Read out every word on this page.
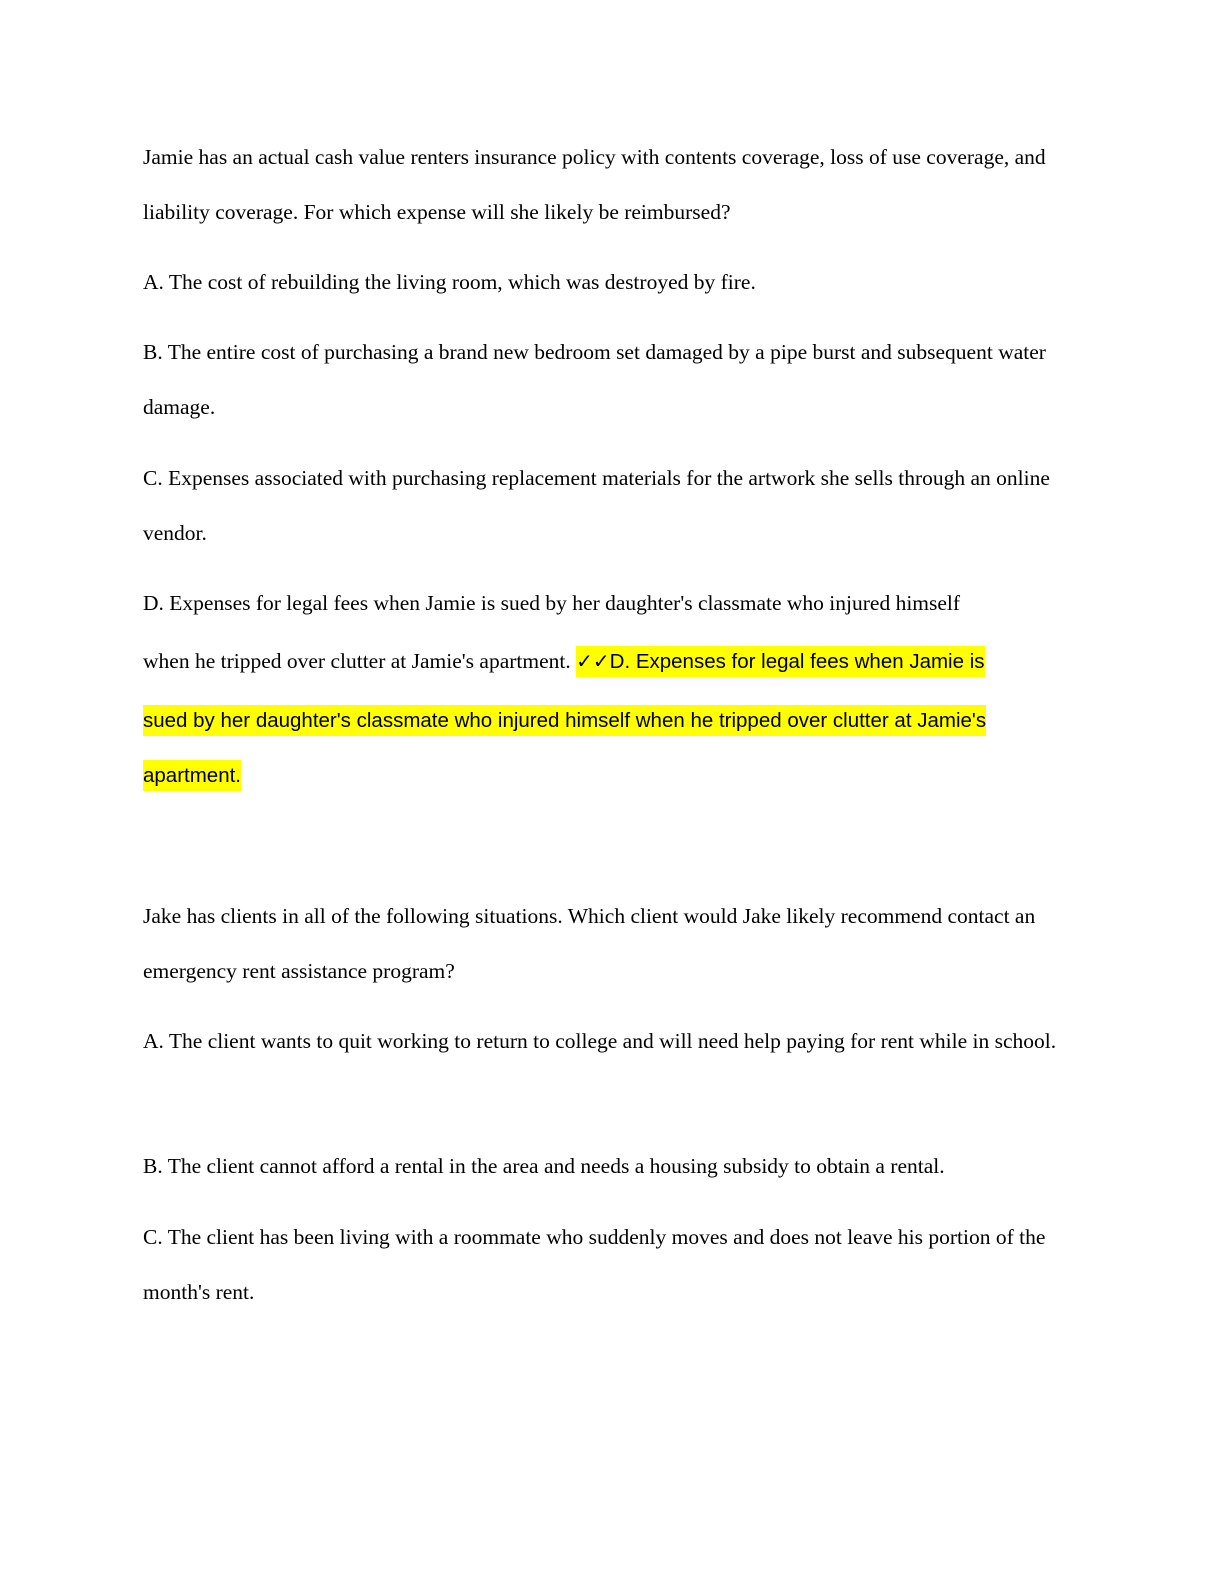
Jamie has an actual cash value renters insurance policy with contents coverage, loss of use coverage, and liability coverage. For which expense will she likely be reimbursed?

A. The cost of rebuilding the living room, which was destroyed by fire.

B. The entire cost of purchasing a brand new bedroom set damaged by a pipe burst and subsequent water damage.

C. Expenses associated with purchasing replacement materials for the artwork she sells through an online vendor.

D. Expenses for legal fees when Jamie is sued by her daughter's classmate who injured himself

when he tripped over clutter at Jamie's apartment. ✓✓D. Expenses for legal fees when Jamie is

sued by her daughter's classmate who injured himself when he tripped over clutter at Jamie's

apartment.

Jake has clients in all of the following situations. Which client would Jake likely recommend contact an emergency rent assistance program?

A. The client wants to quit working to return to college and will need help paying for rent while in school.

B. The client cannot afford a rental in the area and needs a housing subsidy to obtain a rental.

C. The client has been living with a roommate who suddenly moves and does not leave his portion of the month's rent.
